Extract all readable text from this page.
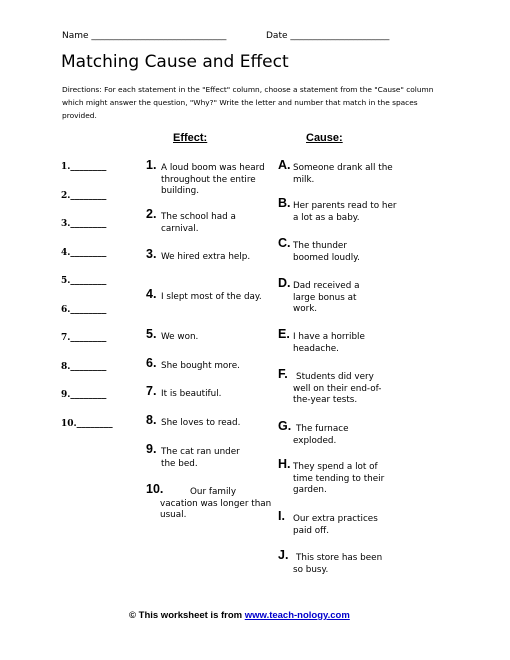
Name ______________________________	Date ______________________
Matching Cause and Effect
Directions: For each statement in the "Effect" column, choose a statement from the "Cause" column which might answer the question, "Why?" Write the letter and number that match in the spaces provided.
Effect:	Cause:
1.________
2.________
3.________
4.________
5.________
6.________
7.________
8.________
9.________
10.________
1. A loud boom was heard throughout the entire building.
2. The school had a carnival.
3. We hired extra help.
4. I slept most of the day.
5. We won.
6. She bought more.
7. It is beautiful.
8. She loves to read.
9. The cat ran under the bed.
10.	Our family vacation was longer than usual.
A. Someone drank all the milk.
B. Her parents read to her a lot as a baby.
C. The thunder boomed loudly.
D. Dad received a large bonus at work.
E. I have a horrible headache.
F. Students did very well on their end-of-the-year tests.
G. The furnace exploded.
H. They spend a lot of time tending to their garden.
I. Our extra practices paid off.
J. This store has been so busy.
© This worksheet is from www.teach-nology.com
